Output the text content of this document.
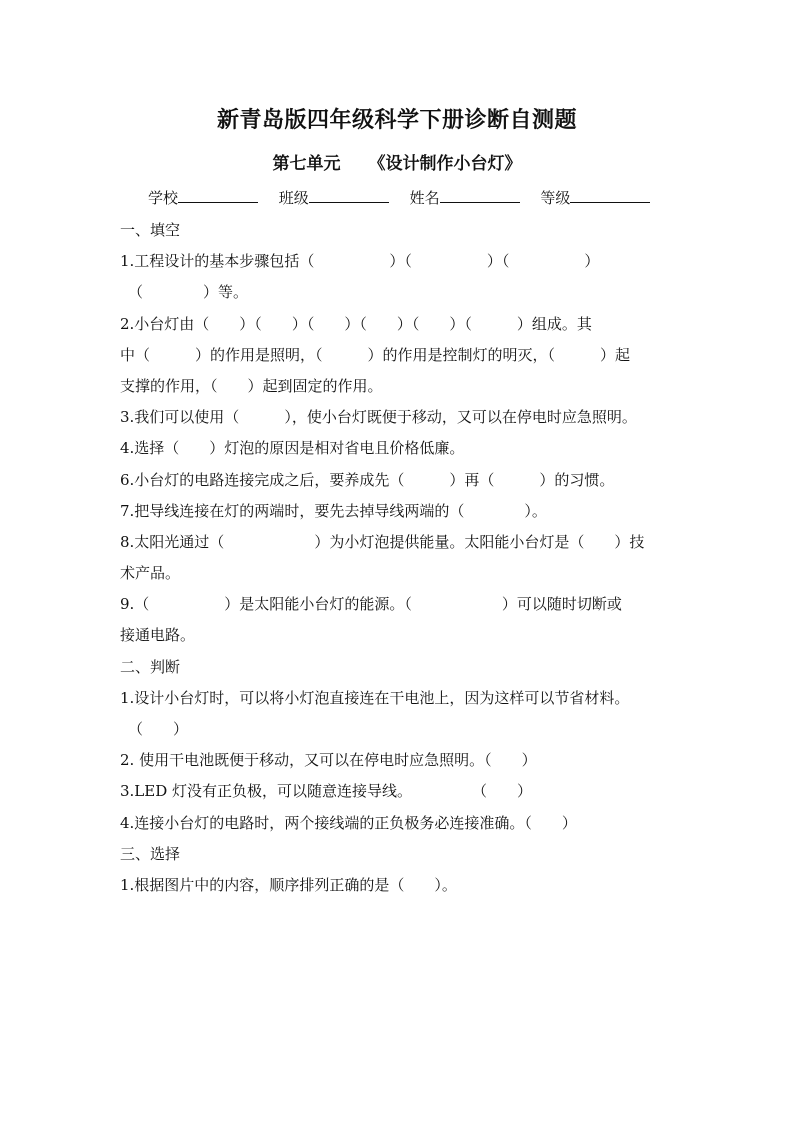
新青岛版四年级科学下册诊断自测题
第七单元 《设计制作小台灯》
学校	班级	姓名	等级
一、填空
1.工程设计的基本步骤包括（　　　　　）（　　　　　）（　　　　　）
（　　　　）等。
2.小台灯由（　　）（　　）（　　）（　　）（　　）（　　　）组成。其
中（　　　）的作用是照明，（　　　）的作用是控制灯的明灭，（　　　）起
支撑的作用，（　　）起到固定的作用。
3.我们可以使用（　　　），使小台灯既便于移动，又可以在停电时应急照明。
4.选择（　　）灯泡的原因是相对省电且价格低廉。
6.小台灯的电路连接完成之后，要养成先（　　　）再（　　　）的习惯。
7.把导线连接在灯的两端时，要先去掉导线两端的（　　　　）。
8.太阳光通过（　　　　　　）为小灯泡提供能量。太阳能小台灯是（　　）技
术产品。
9.（　　　　　）是太阳能小台灯的能源。（　　　　　　）可以随时切断或
接通电路。
二、判断
1.设计小台灯时，可以将小灯泡直接连在干电池上，因为这样可以节省材料。
（　　）
2. 使用干电池既便于移动，又可以在停电时应急照明。（　　）
3.LED 灯没有正负极，可以随意连接导线。　　　　　（　　）
4.连接小台灯的电路时，两个接线端的正负极务必连接准确。（　　）
三、选择
1.根据图片中的内容，顺序排列正确的是（　　）。
